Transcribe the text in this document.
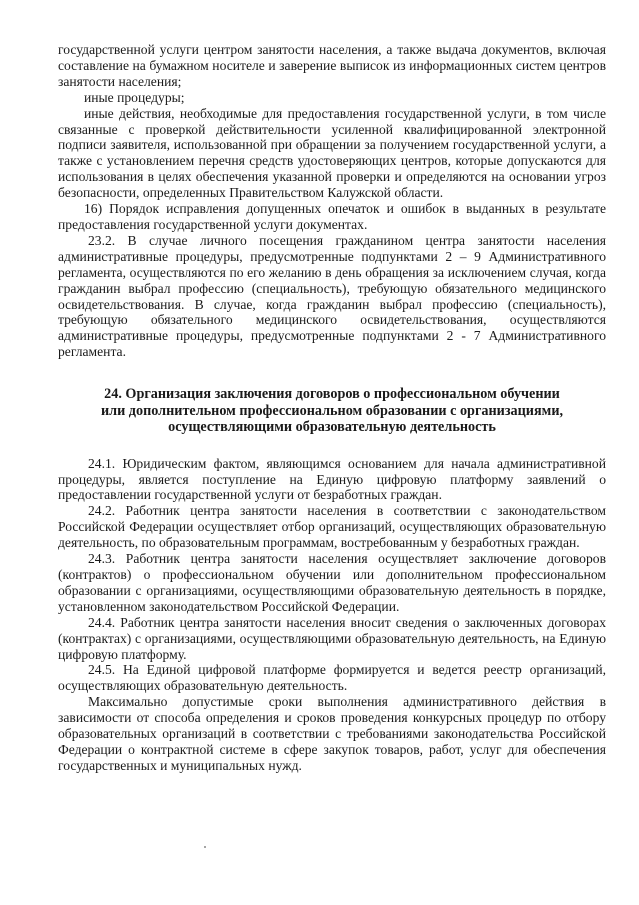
государственной услуги центром занятости населения, а также выдача документов, включая составление на бумажном носителе и заверение выписок из информационных систем центров занятости населения;

иные процедуры;

иные действия, необходимые для предоставления государственной услуги, в том числе связанные с проверкой действительности усиленной квалифицированной электронной подписи заявителя, использованной при обращении за получением государственной услуги, а также с установлением перечня средств удостоверяющих центров, которые допускаются для использования в целях обеспечения указанной проверки и определяются на основании угроз безопасности, определенных Правительством Калужской области.

16) Порядок исправления допущенных опечаток и ошибок в выданных в результате предоставления государственной услуги документах.

23.2. В случае личного посещения гражданином центра занятости населения административные процедуры, предусмотренные подпунктами 2 – 9 Административного регламента, осуществляются по его желанию в день обращения за исключением случая, когда гражданин выбрал профессию (специальность), требующую обязательного медицинского освидетельствования. В случае, когда гражданин выбрал профессию (специальность), требующую обязательного медицинского освидетельствования, осуществляются административные процедуры, предусмотренные подпунктами 2 - 7 Административного регламента.

24. Организация заключения договоров о профессиональном обучении
или дополнительном профессиональном образовании с организациями,
осуществляющими образовательную деятельность

24.1. Юридическим фактом, являющимся основанием для начала административной процедуры, является поступление на Единую цифровую платформу заявлений о предоставлении государственной услуги от безработных граждан.

24.2. Работник центра занятости населения в соответствии с законодательством Российской Федерации осуществляет отбор организаций, осуществляющих образовательную деятельность, по образовательным программам, востребованным у безработных граждан.

24.3. Работник центра занятости населения осуществляет заключение договоров (контрактов) о профессиональном обучении или дополнительном профессиональном образовании с организациями, осуществляющими образовательную деятельность в порядке, установленном законодательством Российской Федерации.

24.4. Работник центра занятости населения вносит сведения о заключенных договорах (контрактах) с организациями, осуществляющими образовательную деятельность, на Единую цифровую платформу.

24.5. На Единой цифровой платформе формируется и ведется реестр организаций, осуществляющих образовательную деятельность.

Максимально допустимые сроки выполнения административного действия в зависимости от способа определения и сроков проведения конкурсных процедур по отбору образовательных организаций в соответствии с требованиями законодательства Российской Федерации о контрактной системе в сфере закупок товаров, работ, услуг для обеспечения государственных и муниципальных нужд.
